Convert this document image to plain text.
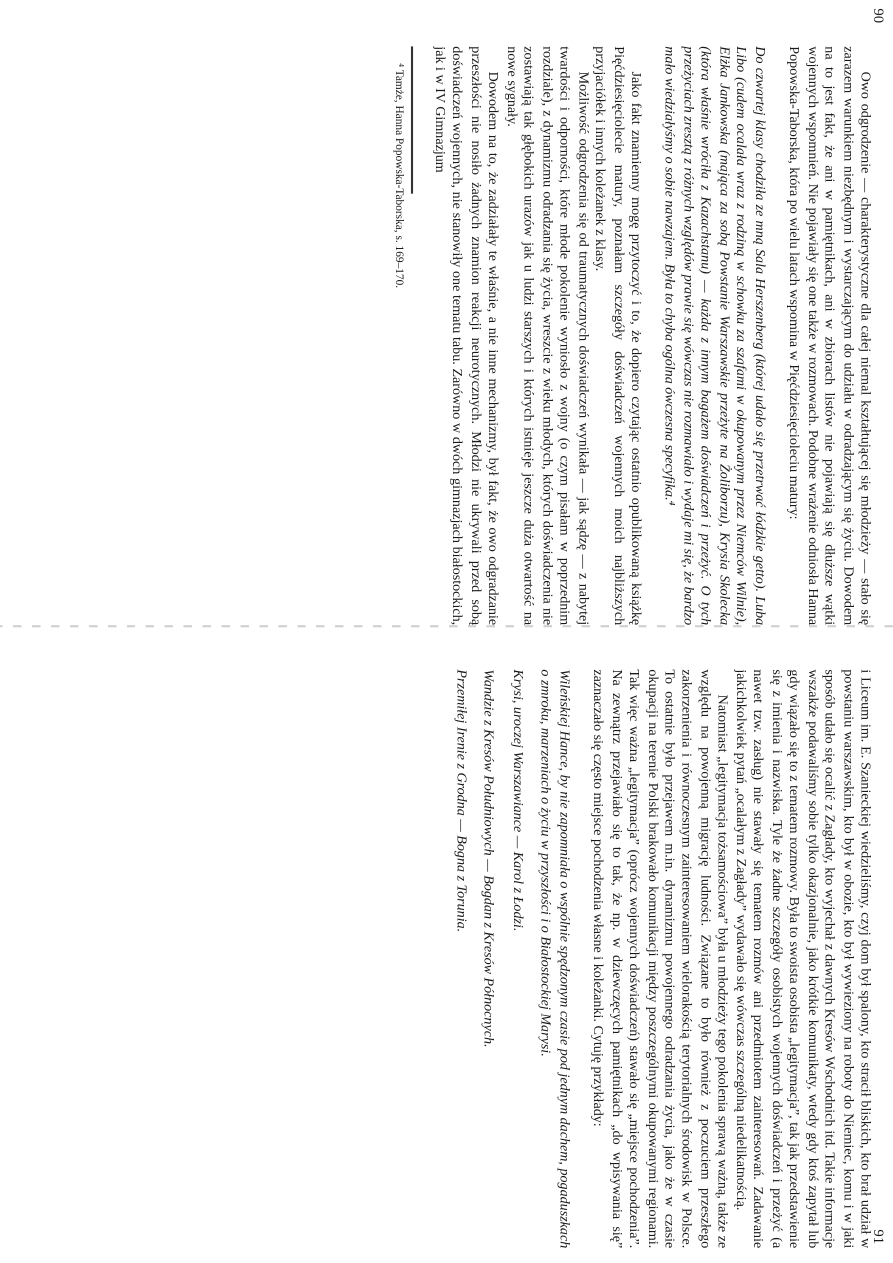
90
91

Owo odgrodzenie — charakterystyczne dla całej niemal kształtującej się młodzieży — stało się zarazem warunkiem niezbędnym i wystarczającym do udziału w odradzającym się życiu. Dowodem na to jest fakt, że ani w pamiętnikach, ani w zbiorach listów nie pojawiają się dłuższe wątki wojennych wspomnień. Nie pojawiały się one także w rozmowach. Podobne wrażenie odniosła Hanna Popowska-Taborska, która po wielu latach wspomina w Pięćdziesięcioleciu matury:

Do czwartej klasy chodziła ze mną Sala Herszenberg (której udało się przetrwać łódzkie getto). Luba Libo (cudem ocalała wraz z rodziną w schowku za szafami w okupowanym przez Niemców Wilnie), Elżka Jankowska (mająca za sobą Powstanie Warszawskie przeżyte na Żoliborzu), Krysia Skolecka (która właśnie wróciła z Kazachstanu) — każda z innym bagażem doświadczeń i przeżyć. O tych przeżyciach zresztą z różnych względów prawie się wówczas nie rozmawiało i wydaje mi się, że bardzo mało wiedziałyśmy o sobie nawzajem. Była to chyba ogólna ówczesna specyfika.⁴

Jako fakt znamienny mogę przytoczyć i to, że dopiero czytając ostatnio opublikowaną książkę Pięćdziesięciolecie matury, poznałam szczegóły doświadczeń wojennych moich najbliższych przyjaciółek i innych koleżanek z klasy.

Możliwość odgrodzenia się od traumatycznych doświadczeń wynikała — jak sądzę — z nabytej twardości i odporności, które młode pokolenie wyniosło z wojny (o czym pisałam w poprzednim rozdziale), z dynamizmu odradzania się życia, wreszcie z wieku młodych, których doświadczenia nie zostawiają tak głębokich urazów jak u ludzi starszych i których istnieje jeszcze duża otwartość na nowe sygnały.

Dowodem na to, że zadziałały te właśnie, a nie inne mechanizmy, był fakt, że owo odgradzanie przeszłości nie nosiło żadnych znamion reakcji neurotycznych. Młodzi nie ukrywali przed sobą doświadczeń wojennych, nie stanowiły one tematu tabu. Zarówno w dwóch gimnazjach białostockich, jak i w IV Gimnazjum

⁴ Tamże, Hanna Popowska-Taborska, s. 169–170.

i Liceum im. E. Szanieckiej wiedzieliśmy, czyj dom był spalony, kto stracił bliskich, kto brał udział w powstaniu warszawskim, kto był w obozie, kto był wywieziony na roboty do Niemiec, komu i w jaki sposób udało się ocalić z Zagłady, kto wyjechał z dawnych Kresów Wschodnich itd. Takie informacje wszakże podawaliśmy sobie tylko okazjonalnie, jako krótkie komunikaty, wtedy gdy ktoś zapytał lub gdy wiązało się to z tematem rozmowy. Była to swoista osobista „legitymacja”, tak jak przedstawienie się z imienia i nazwiska. Tyle że żadne szczegóły osobistych wojennych doświadczeń i przeżyć (a nawet tzw. zasług) nie stawały się tematem rozmów ani przedmiotem zainteresowań. Zadawanie jakichkolwiek pytań „ocalałym z Zagłady” wydawało się wówczas szczególną niedelikatnością.

Natomiast „legitymacja tożsamościowa” była u młodzieży tego pokolenia sprawą ważną, także ze względu na powojenną migrację ludności. Związane to było również z poczuciem przeszłego zakorzenienia i równoczesnym zainteresowaniem wielorakością terytorialnych środowisk w Polsce. To ostatnie było przejawem m.in. dynamizmu powojennego odradzania życia, jako że w czasie okupacji na terenie Polski brakowało komunikacji między poszczególnymi okupowanymi regionami. Tak więc ważna „legitymacja” (oprócz wojennych doświadczeń) stawało się „miejsce pochodzenia”. Na zewnątrz przejawiało się to tak, że np. w dziewczęcych pamiętnikach „do wpisywania się” zaznaczało się często miejsce pochodzenia własne i koleżanki. Cytuję przykłady:

Wileńskiej Hance, by nie zapomniała o wspólnie spędzonym czasie pod jednym dachem, pogaduszkach o zmroku, marzeniach o życiu w przyszłości i o Białostockiej Marysi.

Krysi, uroczej Warszawiance — Karol z Łodzi.

Wandzie z Kresów Południowych — Bogdan z Kresów Północnych.

Przemiłej Irenie z Grodna — Bogna z Torunia.
